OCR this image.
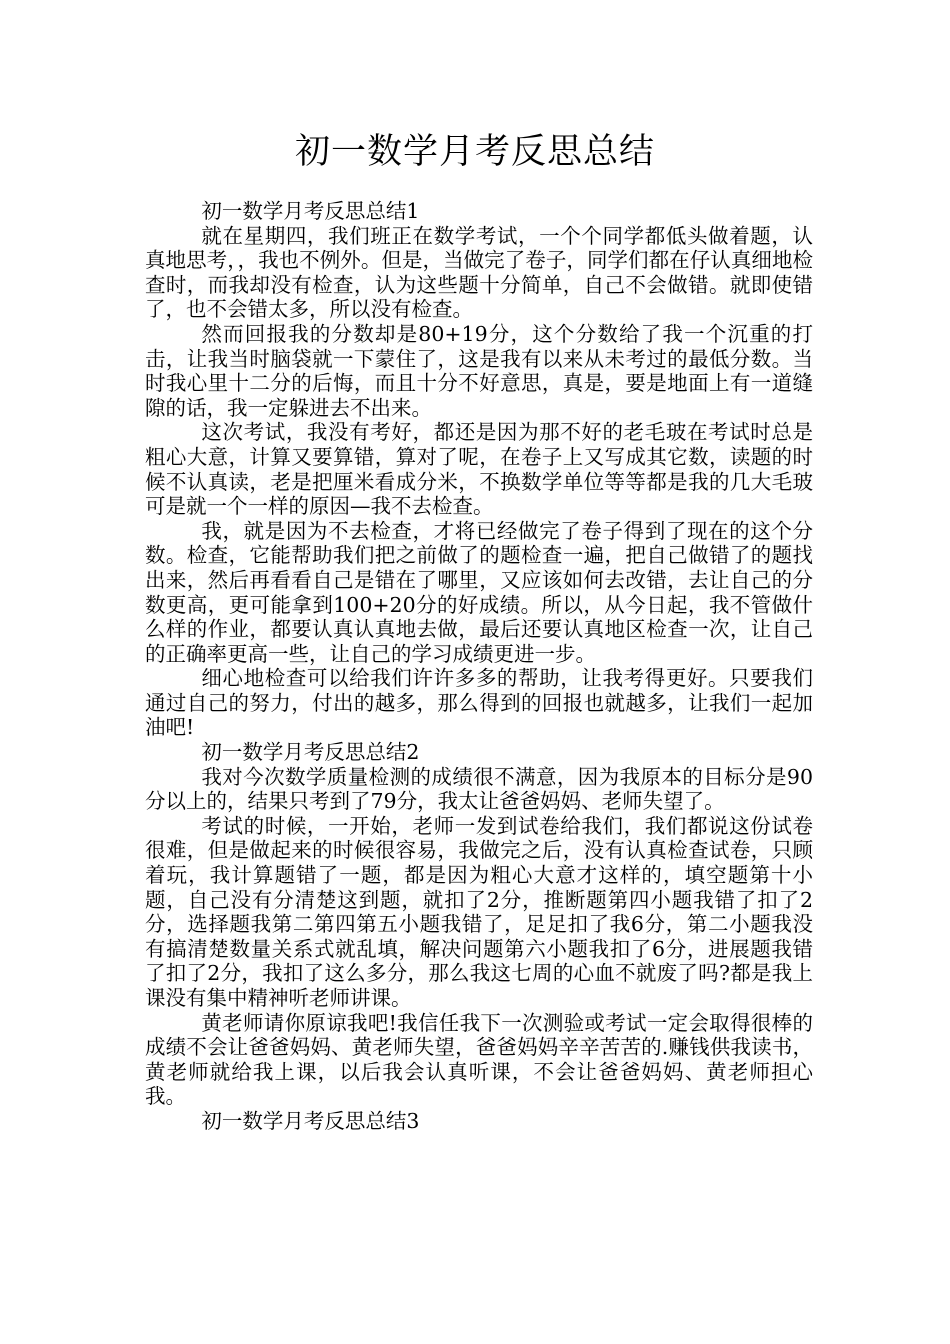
初一数学月考反思总结

初一数学月考反思总结1

就在星期四，我们班正在数学考试，一个个同学都低头做着题，认真地思考，，我也不例外。但是，当做完了卷子，同学们都在仔认真细地检查时，而我却没有检查，认为这些题十分简单，自己不会做错。就即使错了，也不会错太多，所以没有检查。

然而回报我的分数却是80+19分，这个分数给了我一个沉重的打击，让我当时脑袋就一下蒙住了，这是我有以来从未考过的最低分数。当时我心里十二分的后悔，而且十分不好意思，真是，要是地面上有一道缝隙的话，我一定躲进去不出来。

这次考试，我没有考好，都还是因为那不好的老毛玻在考试时总是粗心大意，计算又要算错，算对了呢，在卷子上又写成其它数，读题的时候不认真读，老是把厘米看成分米，不换数学单位等等都是我的几大毛玻可是就一个一样的原因—我不去检查。

我，就是因为不去检查，才将已经做完了卷子得到了现在的这个分数。检查，它能帮助我们把之前做了的题检查一遍，把自己做错了的题找出来，然后再看看自己是错在了哪里，又应该如何去改错，去让自己的分数更高，更可能拿到100+20分的好成绩。所以，从今日起，我不管做什么样的作业，都要认真认真地去做，最后还要认真地区检查一次，让自己的正确率更高一些，让自己的学习成绩更进一步。

细心地检查可以给我们许许多多的帮助，让我考得更好。只要我们通过自己的努力，付出的越多，那么得到的回报也就越多，让我们一起加油吧!

初一数学月考反思总结2

我对今次数学质量检测的成绩很不满意，因为我原本的目标分是90分以上的，结果只考到了79分，我太让爸爸妈妈、老师失望了。

考试的时候，一开始，老师一发到试卷给我们，我们都说这份试卷很难，但是做起来的时候很容易，我做完之后，没有认真检查试卷，只顾着玩，我计算题错了一题，都是因为粗心大意才这样的，填空题第十小题，自己没有分清楚这到题，就扣了2分，推断题第四小题我错了扣了2分，选择题我第二第四第五小题我错了，足足扣了我6分，第二小题我没有搞清楚数量关系式就乱填，解决问题第六小题我扣了6分，进展题我错了扣了2分，我扣了这么多分，那么我这七周的心血不就废了吗?都是我上课没有集中精神听老师讲课。

黄老师请你原谅我吧!我信任我下一次测验或考试一定会取得很棒的成绩不会让爸爸妈妈、黄老师失望，爸爸妈妈辛辛苦苦的.赚钱供我读书，黄老师就给我上课，以后我会认真听课，不会让爸爸妈妈、黄老师担心我。

初一数学月考反思总结3
